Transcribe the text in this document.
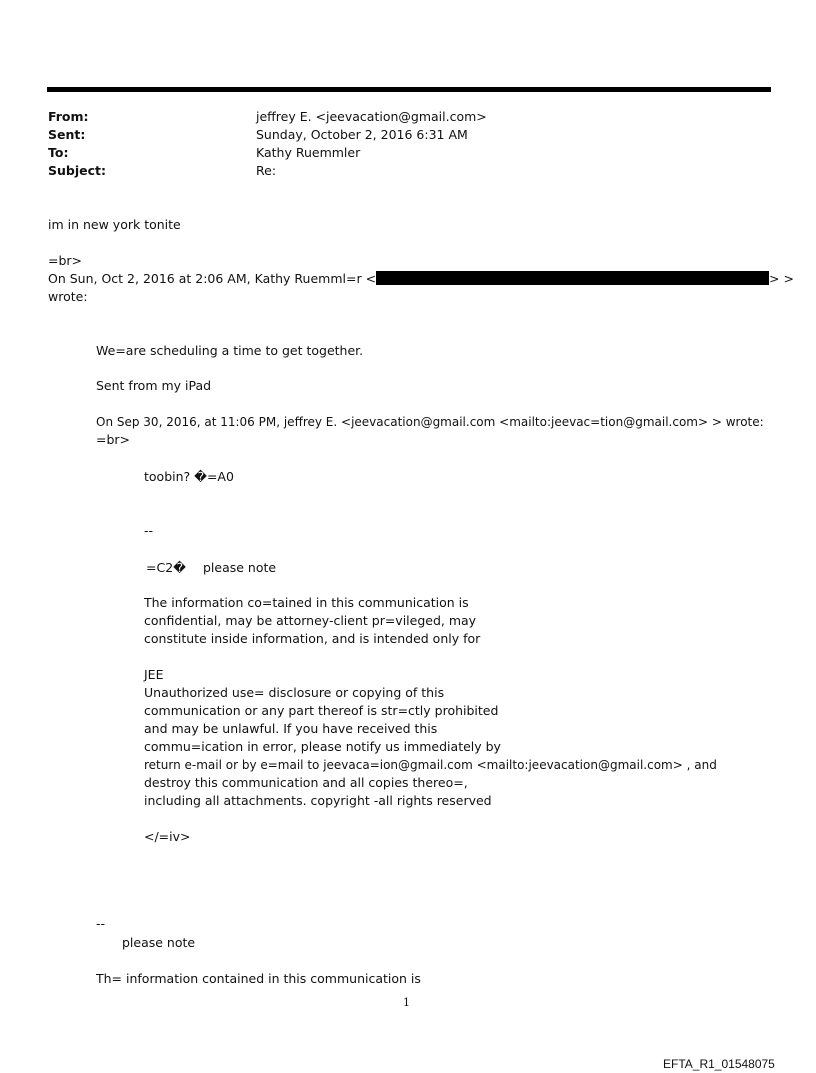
From:	jeffrey E. <jeevacation@gmail.com>
Sent:	Sunday, October 2, 2016 6:31 AM
To:	Kathy Ruemmler
Subject:	Re:
im in new york tonite
=br>
On Sun, Oct 2, 2016 at 2:06 AM, Kathy Ruemml=r <	> >
wrote:
We=are scheduling a time to get together.
Sent from my iPad
On Sep 30, 2016, at 11:06 PM, jeffrey E. <jeevacation@gmail.com <mailto:jeevac=tion@gmail.com> > wrote:
=br>
toobin? �=A0
--
=C2� please note
The information co=tained in this communication is
confidential, may be attorney-client pr=vileged, may
constitute inside information, and is intended only for
JEE
Unauthorized use= disclosure or copying of this
communication or any part thereof is str=ctly prohibited
and may be unlawful. If you have received this
commu=ication in error, please notify us immediately by
return e-mail or by e=mail to jeevaca=ion@gmail.com <mailto:jeevacation@gmail.com> , and
destroy this communication and all copies thereo=,
including all attachments. copyright -all rights reserved
</=iv>
--
please note
Th= information contained in this communication is
1
EFTA_R1_01548075
